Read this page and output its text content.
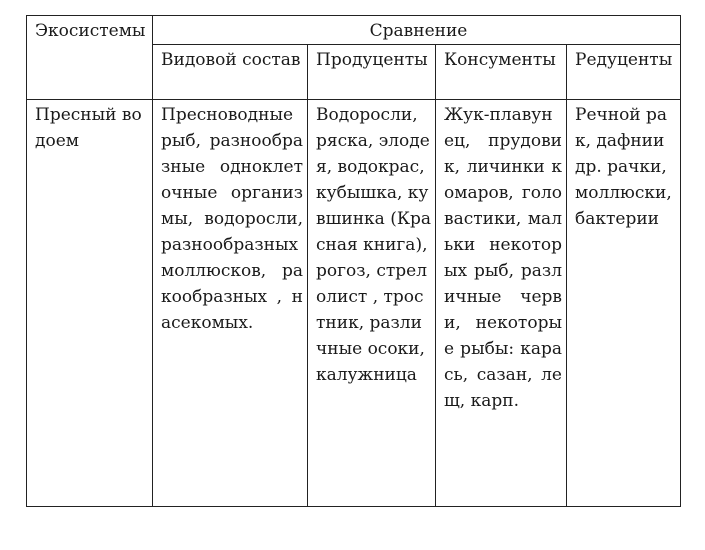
Экосистемы	Сравнение			
	Видовой состав	Продуценты	Консументы	Редуценты
Пресный водоем	Пресноводные рыб, разнообразные одноклеточные организмы, водоросли, разнообразных моллюсков, ракообразных , насекомых.	Водоросли, ряска, элодея, водокрас, кубышка, кувшинка (Красная книга), рогоз, стрелолист , тростник, различные осоки, калужница	Жук-плавунец, прудовик, личинки комаров, головастики, мальки некоторых рыб, различные черви, некоторые рыбы: карась, сазан, лещ, карп.	Речной рак, дафнии др. рачки, моллюски, бактерии
